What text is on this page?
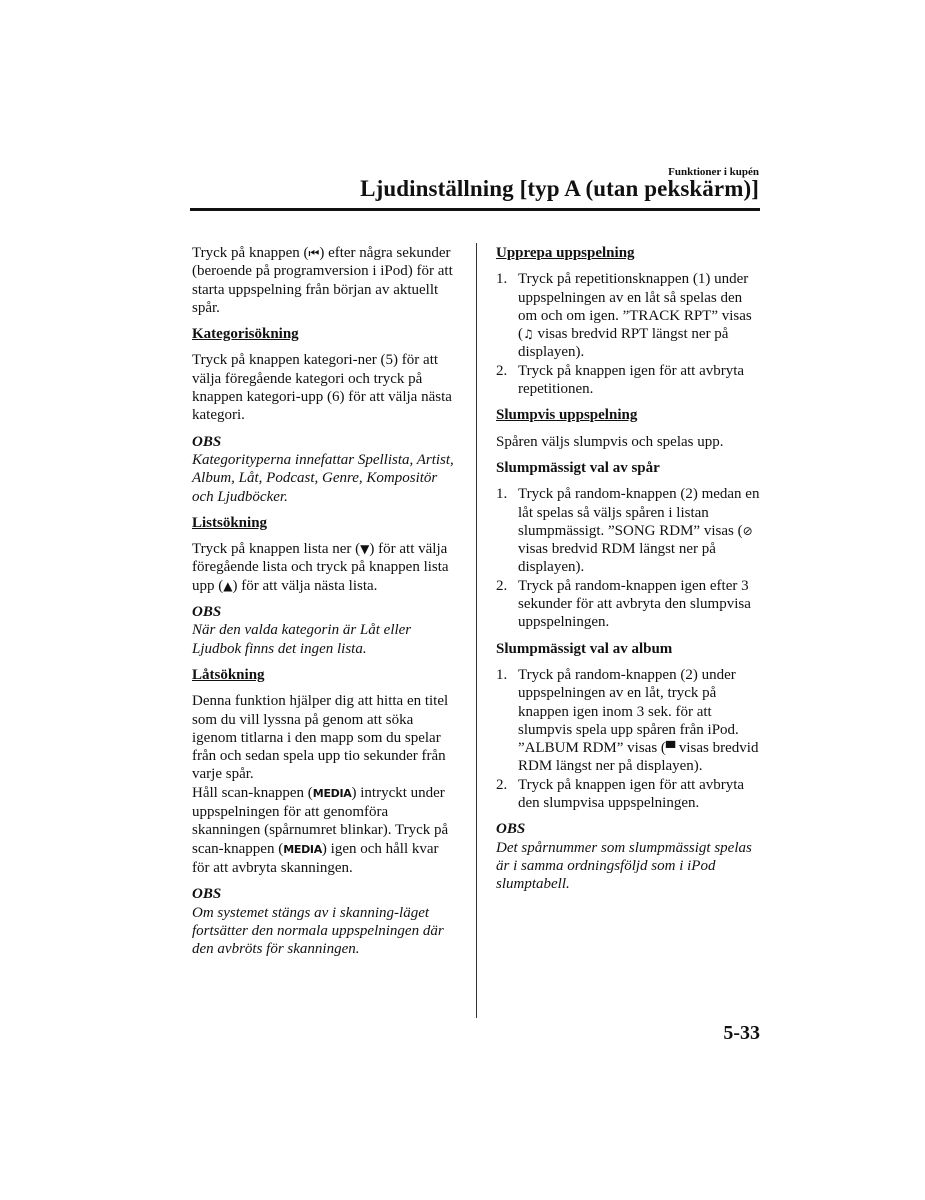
Funktioner i kupén
Ljudinställning [typ A (utan pekskärm)]

Tryck på knappen (⏮) efter några sekunder (beroende på programversion i iPod) för att starta uppspelning från början av aktuellt spår.

Kategorisökning

Tryck på knappen kategori-ner (5) för att välja föregående kategori och tryck på knappen kategori-upp (6) för att välja nästa kategori.

OBS

Kategorityperna innefattar Spellista, Artist, Album, Låt, Podcast, Genre, Kompositör och Ljudböcker.

Listsökning

Tryck på knappen lista ner (▼) för att välja föregående lista och tryck på knappen lista upp (▲) för att välja nästa lista.

OBS

När den valda kategorin är Låt eller Ljudbok finns det ingen lista.

Låtsökning

Denna funktion hjälper dig att hitta en titel som du vill lyssna på genom att söka igenom titlarna i den mapp som du spelar från och sedan spela upp tio sekunder från varje spår.

Håll scan-knappen (MEDIA) intryckt under uppspelningen för att genomföra skanningen (spårnumret blinkar). Tryck på scan-knappen (MEDIA) igen och håll kvar för att avbryta skanningen.

OBS

Om systemet stängs av i skanning-läget fortsätter den normala uppspelningen där den avbröts för skanningen.

Upprepa uppspelning

1. Tryck på repetitionsknappen (1) under uppspelningen av en låt så spelas den om och om igen. ”TRACK RPT” visas (♫ visas bredvid RPT längst ner på displayen).
2. Tryck på knappen igen för att avbryta repetitionen.

Slumpvis uppspelning

Spåren väljs slumpvis och spelas upp.

Slumpmässigt val av spår

1. Tryck på random-knappen (2) medan en låt spelas så väljs spåren i listan slumpmässigt. ”SONG RDM” visas (⊘ visas bredvid RDM längst ner på displayen).
2. Tryck på random-knappen igen efter 3 sekunder för att avbryta den slumpvisa uppspelningen.

Slumpmässigt val av album

1. Tryck på random-knappen (2) under uppspelningen av en låt, tryck på knappen igen inom 3 sek. för att slumpvis spela upp spåren från iPod. ”ALBUM RDM” visas (▀ visas bredvid RDM längst ner på displayen).
2. Tryck på knappen igen för att avbryta den slumpvisa uppspelningen.

OBS

Det spårnummer som slumpmässigt spelas är i samma ordningsföljd som i iPod slumptabell.

5-33
